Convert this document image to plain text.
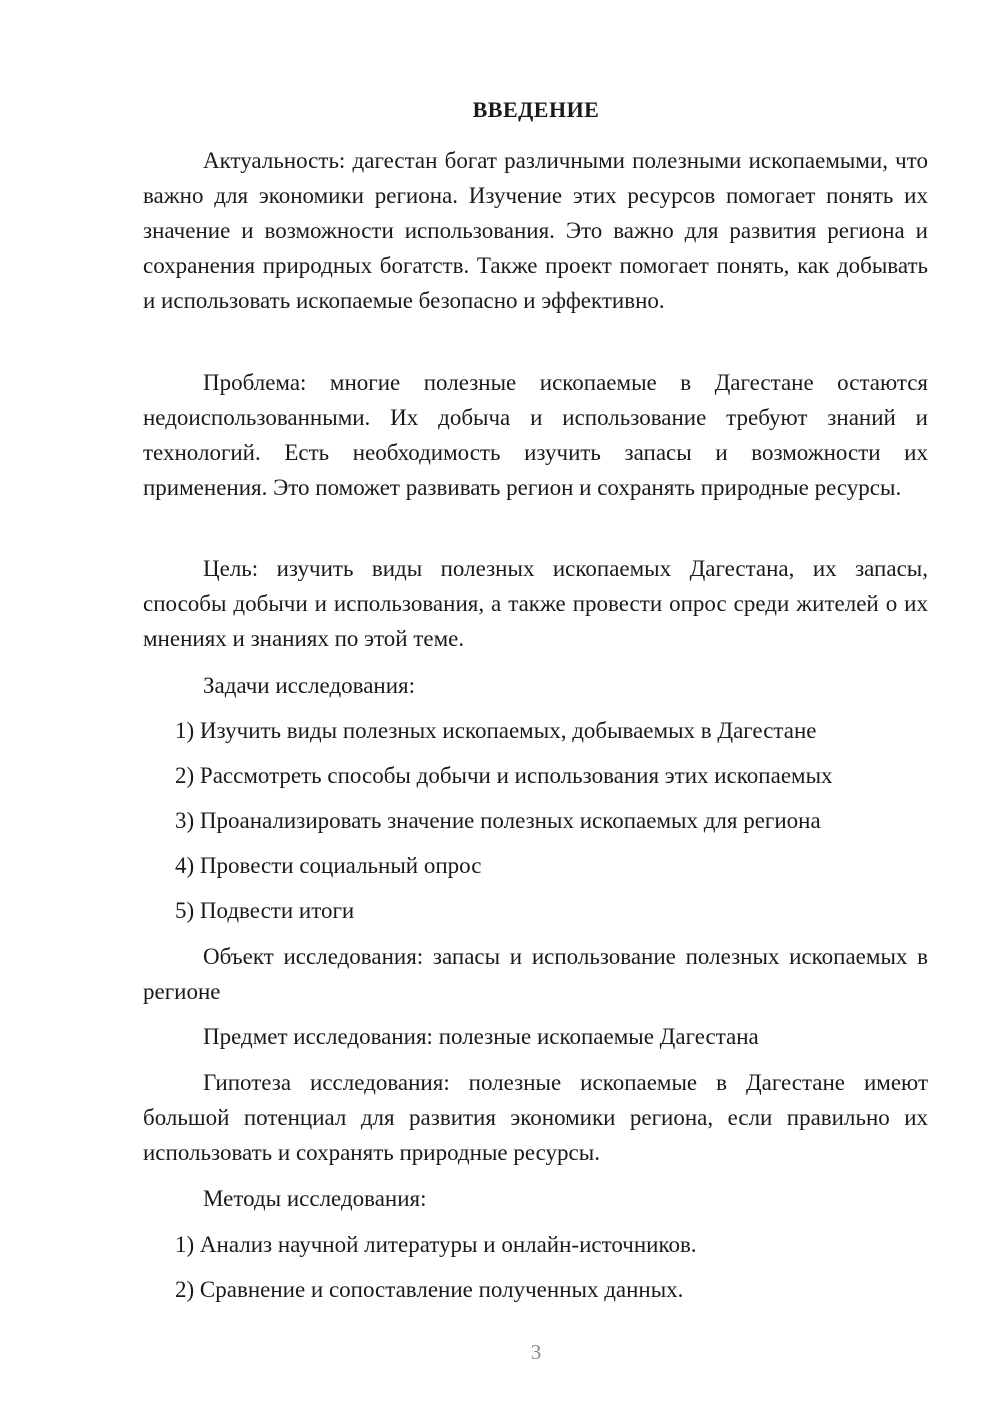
ВВЕДЕНИЕ

Актуальность: дагестан богат различными полезными ископаемыми, что важно для экономики региона. Изучение этих ресурсов помогает понять их значение и возможности использования. Это важно для развития региона и сохранения природных богатств. Также проект помогает понять, как добывать и использовать ископаемые безопасно и эффективно.

Проблема: многие полезные ископаемые в Дагестане остаются недоиспользованными. Их добыча и использование требуют знаний и технологий. Есть необходимость изучить запасы и возможности их применения. Это поможет развивать регион и сохранять природные ресурсы.

Цель: изучить виды полезных ископаемых Дагестана, их запасы, способы добычи и использования, а также провести опрос среди жителей о их мнениях и знаниях по этой теме.

Задачи исследования:

1) Изучить виды полезных ископаемых, добываемых в Дагестане

2) Рассмотреть способы добычи и использования этих ископаемых

3) Проанализировать значение полезных ископаемых для региона

4) Провести социальный опрос

5) Подвести итоги

Объект исследования: запасы и использование полезных ископаемых в регионе

Предмет исследования: полезные ископаемые Дагестана

Гипотеза исследования: полезные ископаемые в Дагестане имеют большой потенциал для развития экономики региона, если правильно их использовать и сохранять природные ресурсы.

Методы исследования:

1) Анализ научной литературы и онлайн-источников.

2) Сравнение и сопоставление полученных данных.

3
